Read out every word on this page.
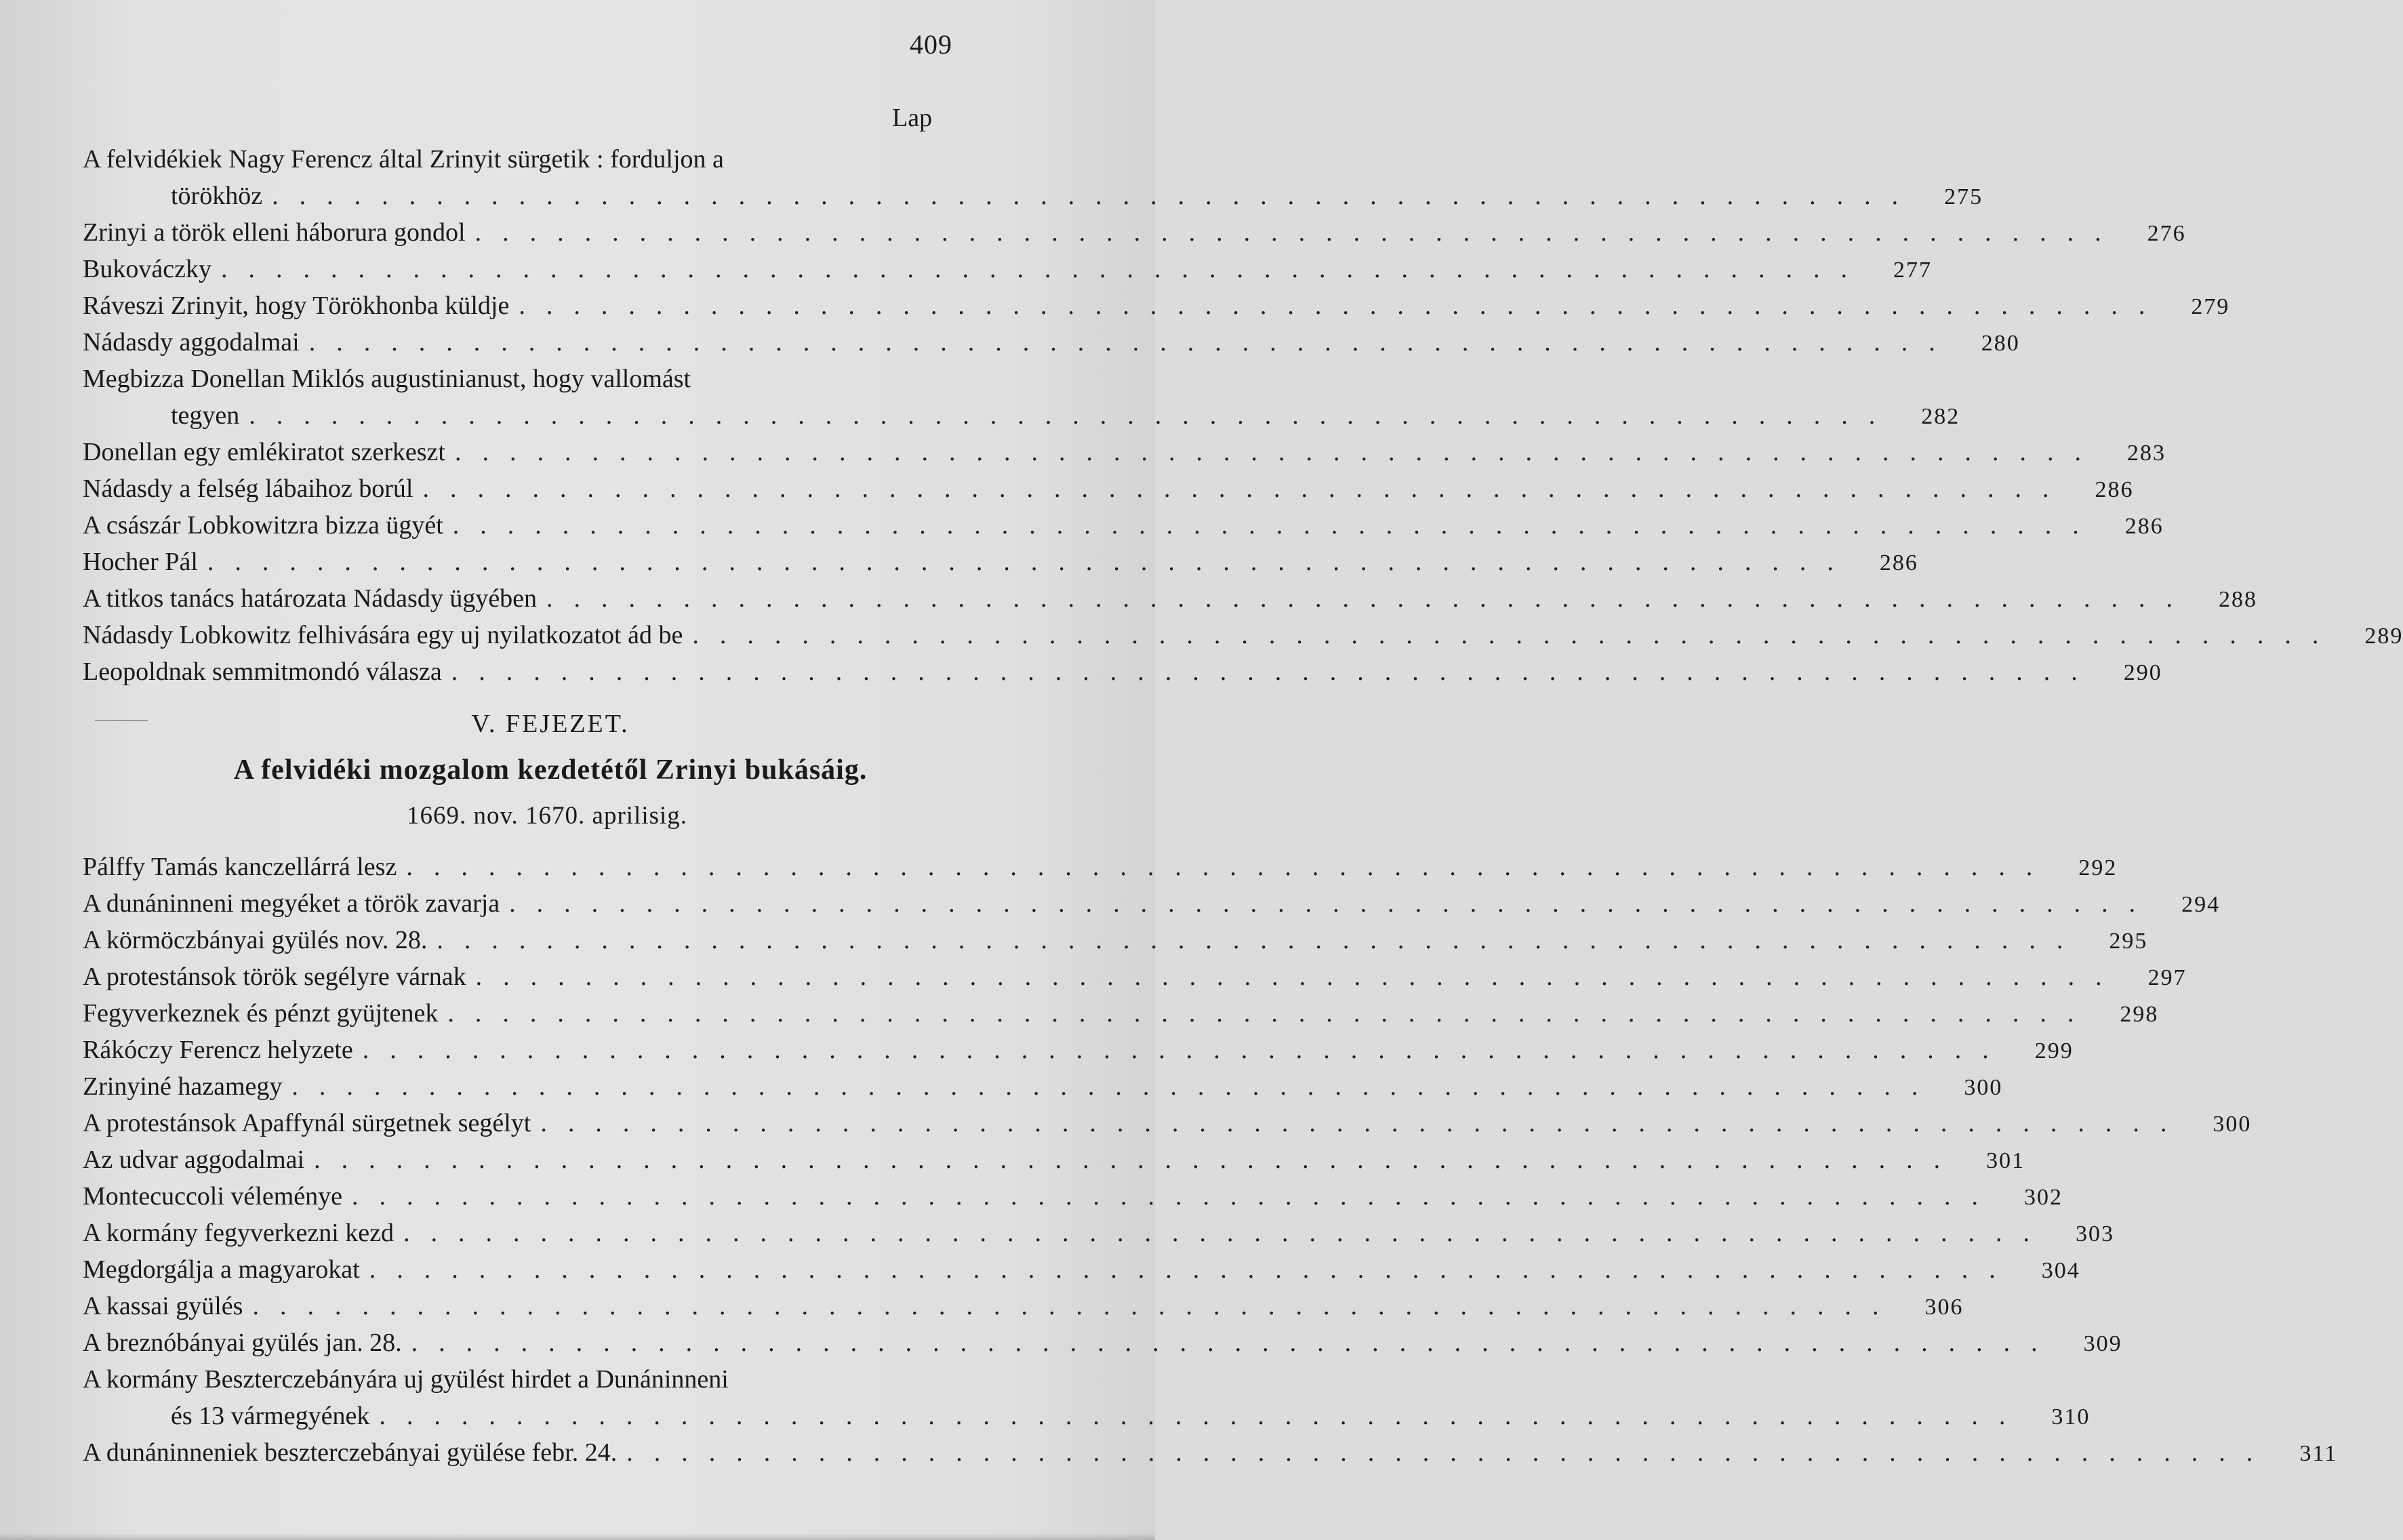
409
Lap
A felvidékiek Nagy Ferencz által Zrinyit sürgetik : forduljon a
törökhöz ............................................................	275
Zrinyi a török elleni háborura gondol ............................................................	276
Bukováczky ............................................................	277
Ráveszi Zrinyit, hogy Törökhonba küldje ............................................................	279
Nádasdy aggodalmai ............................................................	280
Megbizza Donellan Miklós augustinianust, hogy vallomást
tegyen ............................................................	282
Donellan egy emlékiratot szerkeszt ............................................................	283
Nádasdy a felség lábaihoz borúl ............................................................	286
A császár Lobkowitzra bizza ügyét ............................................................	286
Hocher Pál ............................................................	286
A titkos tanács határozata Nádasdy ügyében ............................................................	288
Nádasdy Lobkowitz felhivására egy uj nyilatkozatot ád be ............................................................	289
Leopoldnak semmitmondó válasza ............................................................	290
V. FEJEZET.
A felvidéki mozgalom kezdetétől Zrinyi bukásáig.
1669. nov. 1670. aprilisig.
Pálffy Tamás kanczellárrá lesz ............................................................	292
A dunáninneni megyéket a török zavarja ............................................................	294
A körmöczbányai gyülés nov. 28. ............................................................	295
A protestánsok török segélyre várnak ............................................................	297
Fegyverkeznek és pénzt gyüjtenek ............................................................	298
Rákóczy Ferencz helyzete ............................................................	299
Zrinyiné hazamegy ............................................................	300
A protestánsok Apaffynál sürgetnek segélyt ............................................................	300
Az udvar aggodalmai ............................................................	301
Montecuccoli véleménye ............................................................	302
A kormány fegyverkezni kezd ............................................................	303
Megdorgálja a magyarokat ............................................................	304
A kassai gyülés ............................................................	306
A breznóbányai gyülés jan. 28. ............................................................	309
A kormány Beszterczebányára uj gyülést hirdet a Dunáninneni
és 13 vármegyének ............................................................	310
A dunáninneniek beszterczebányai gyülése febr. 24. ............................................................	311
